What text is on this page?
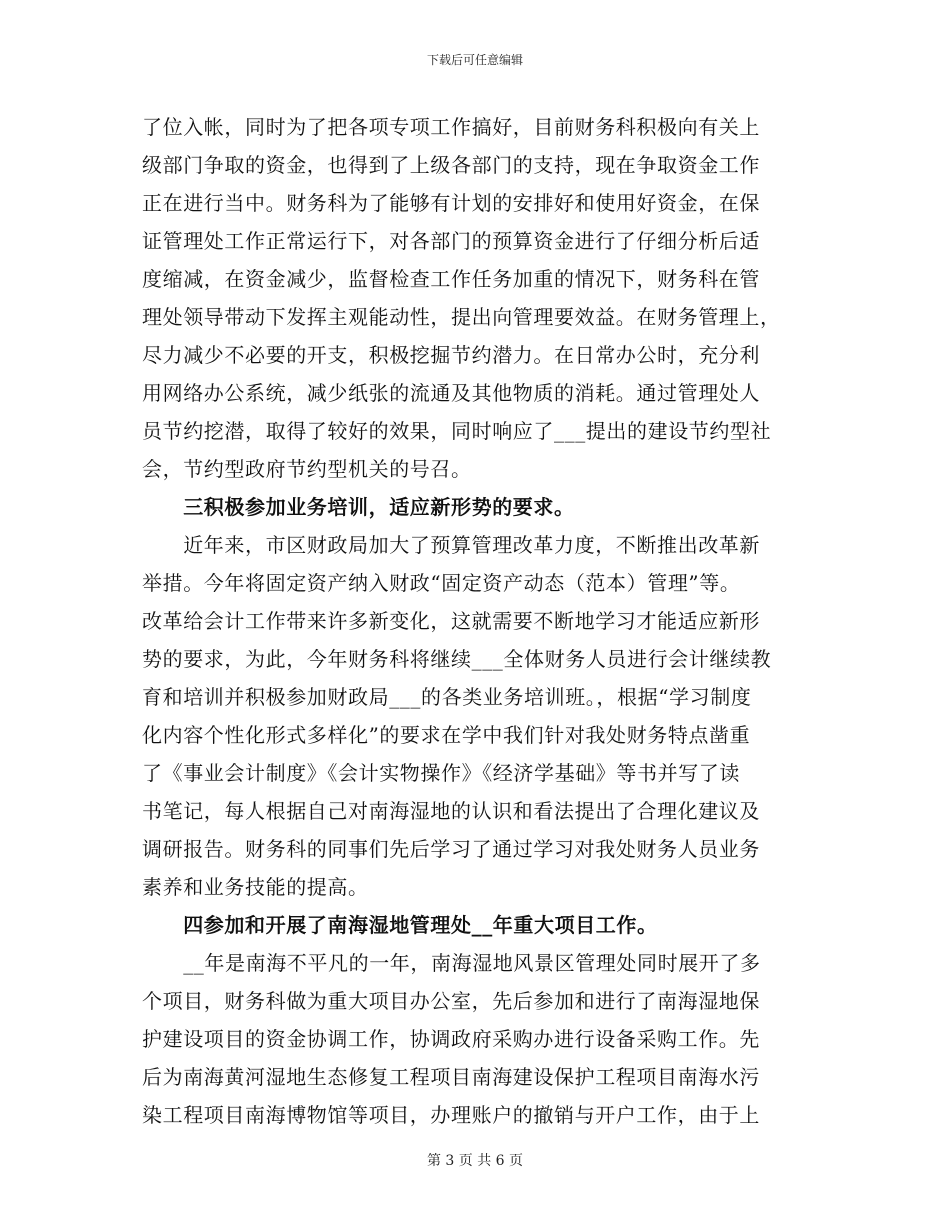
下载后可任意编辑
了位入帐，同时为了把各项专项工作搞好，目前财务科积极向有关上
级部门争取的资金，也得到了上级各部门的支持，现在争取资金工作
正在进行当中。财务科为了能够有计划的安排好和使用好资金，在保
证管理处工作正常运行下，对各部门的预算资金进行了仔细分析后适
度缩减，在资金减少，监督检查工作任务加重的情况下，财务科在管
理处领导带动下发挥主观能动性，提出向管理要效益。在财务管理上，
尽力减少不必要的开支，积极挖掘节约潜力。在日常办公时，充分利
用网络办公系统，减少纸张的流通及其他物质的消耗。通过管理处人
员节约挖潜，取得了较好的效果，同时响应了___提出的建设节约型社
会，节约型政府节约型机关的号召。
　　三积极参加业务培训，适应新形势的要求。
　　近年来，市区财政局加大了预算管理改革力度，不断推出改革新
举措。今年将固定资产纳入财政“固定资产动态（范本）管理”等。
改革给会计工作带来许多新变化，这就需要不断地学习才能适应新形
势的要求，为此，今年财务科将继续___全体财务人员进行会计继续教
育和培训并积极参加财政局___的各类业务培训班。，根据“学习制度
化内容个性化形式多样化”的要求在学中我们针对我处财务特点凿重
了《事业会计制度》《会计实物操作》《经济学基础》等书并写了读
书笔记，每人根据自己对南海湿地的认识和看法提出了合理化建议及
调研报告。财务科的同事们先后学习了通过学习对我处财务人员业务
素养和业务技能的提高。
　　四参加和开展了南海湿地管理处__年重大项目工作。
　　__年是南海不平凡的一年，南海湿地风景区管理处同时展开了多
个项目，财务科做为重大项目办公室，先后参加和进行了南海湿地保
护建设项目的资金协调工作，协调政府采购办进行设备采购工作。先
后为南海黄河湿地生态修复工程项目南海建设保护工程项目南海水污
染工程项目南海博物馆等项目，办理账户的撤销与开户工作，由于上
第 3 页 共 6 页
